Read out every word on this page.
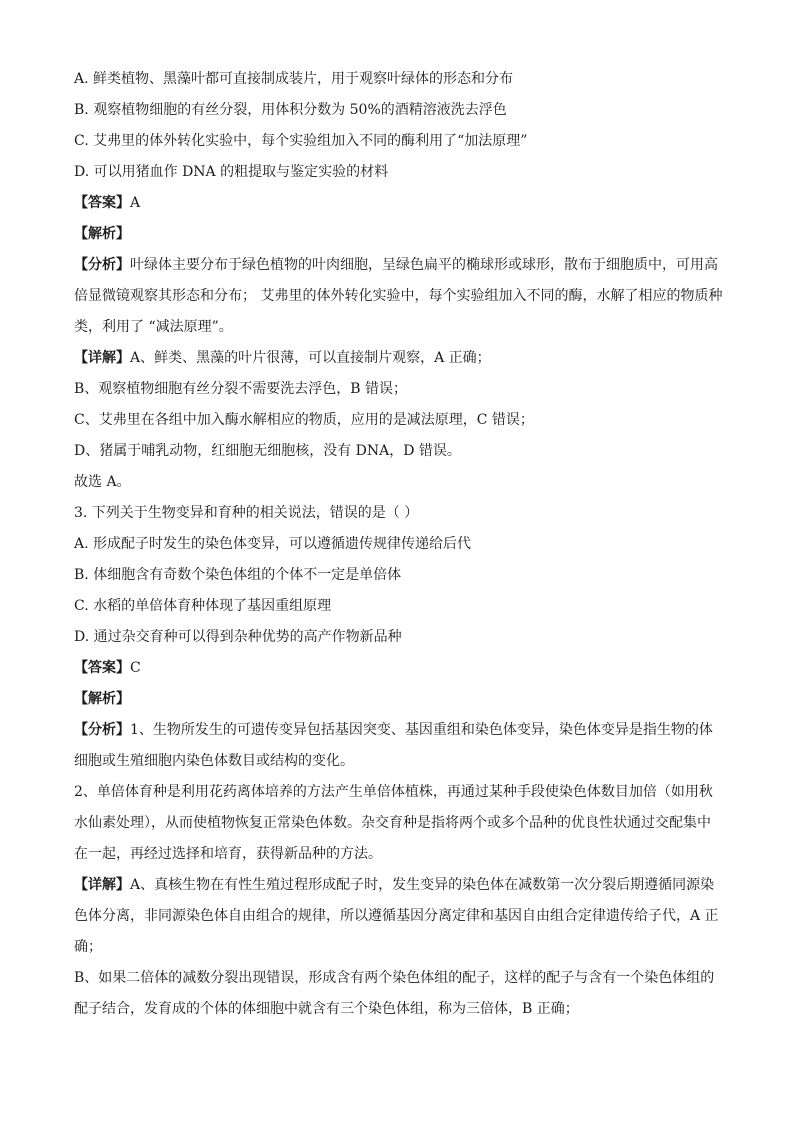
A. 鲜类植物、黑藻叶都可直接制成装片，用于观察叶绿体的形态和分布
B. 观察植物细胞的有丝分裂，用体积分数为 50%的酒精溶液洗去浮色
C. 艾弗里的体外转化实验中，每个实验组加入不同的酶利用了“加法原理”
D. 可以用猪血作 DNA 的粗提取与鉴定实验的材料
【答案】 A
【解析】
【分析】 叶绿体主要分布于绿色植物的叶肉细胞，呈绿色扁平的椭球形或球形，散布于细胞质中，可用高
倍显微镜观察其形态和分布； 艾弗里的体外转化实验中，每个实验组加入不同的酶，水解了相应的物质种
类，利用了 “减法原理”。
【详解】 A、鲜类、黑藻的叶片很薄，可以直接制片观察，A 正确；
B、观察植物细胞有丝分裂不需要洗去浮色，B 错误；
C、艾弗里在各组中加入酶水解相应的物质，应用的是减法原理，C 错误；
D、猪属于哺乳动物，红细胞无细胞核，没有 DNA，D 错误。
故选 A。
3. 下列关于生物变异和育种的相关说法，错误的是（ ）
A. 形成配子时发生的染色体变异，可以遵循遗传规律传递给后代
B. 体细胞含有奇数个染色体组的个体不一定是单倍体
C. 水稻的单倍体育种体现了基因重组原理
D. 通过杂交育种可以得到杂种优势的高产作物新品种
【答案】 C
【解析】
【分析】 1、生物所发生的可遗传变异包括基因突变、基因重组和染色体变异，染色体变异是指生物的体
细胞或生殖细胞内染色体数目或结构的变化。
2、单倍体育种是利用花药离体培养的方法产生单倍体植株，再通过某种手段使染色体数目加倍（如用秋
水仙素处理），从而使植物恢复正常染色体数。杂交育种是指将两个或多个品种的优良性状通过交配集中
在一起，再经过选择和培育，获得新品种的方法。
【详解】 A、真核生物在有性生殖过程形成配子时，发生变异的染色体在减数第一次分裂后期遵循同源染
色体分离，非同源染色体自由组合的规律，所以遵循基因分离定律和基因自由组合定律遗传给子代，A 正
确；
B、如果二倍体的减数分裂出现错误，形成含有两个染色体组的配子，这样的配子与含有一个染色体组的
配子结合，发育成的个体的体细胞中就含有三个染色体组，称为三倍体，B 正确；
